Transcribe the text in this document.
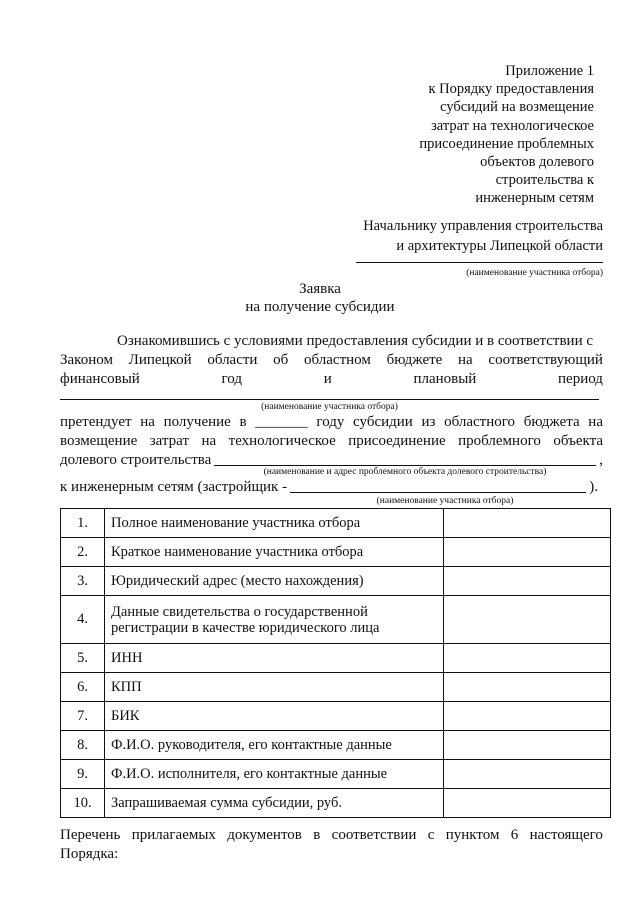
Приложение 1
к Порядку предоставления
субсидий на возмещение
затрат на технологическое
присоединение проблемных
объектов долевого
строительства к
инженерным сетям
Начальнику управления строительства
и архитектуры Липецкой области
(наименование участника отбора)
Заявка
на получение субсидии
Ознакомившись с условиями предоставления субсидии и в соответствии с
Законом Липецкой области об областном бюджете на соответствующий
финансовый	год	и	плановый	период
(наименование участника отбора)
претендует на получение в _______ году субсидии из областного бюджета на
возмещение затрат на технологическое присоединение проблемного объекта
долевого строительства	,
(наименование и адрес проблемного объекта долевого строительства)
к инженерным сетям (застройщик -	).
(наименование участника отбора)
1.	Полное наименование участника отбора	
2.	Краткое наименование участника отбора	
3.	Юридический адрес (место нахождения)	
4.	Данные свидетельства о государственной
регистрации в качестве юридического лица	

5.	ИНН	
6.	КПП	
7.	БИК	
8.	Ф.И.О. руководителя, его контактные данные	
9.	Ф.И.О. исполнителя, его контактные данные	
10.	Запрашиваемая сумма субсидии, руб.	
Перечень прилагаемых документов в соответствии с пунктом 6 настоящего
Порядка:
